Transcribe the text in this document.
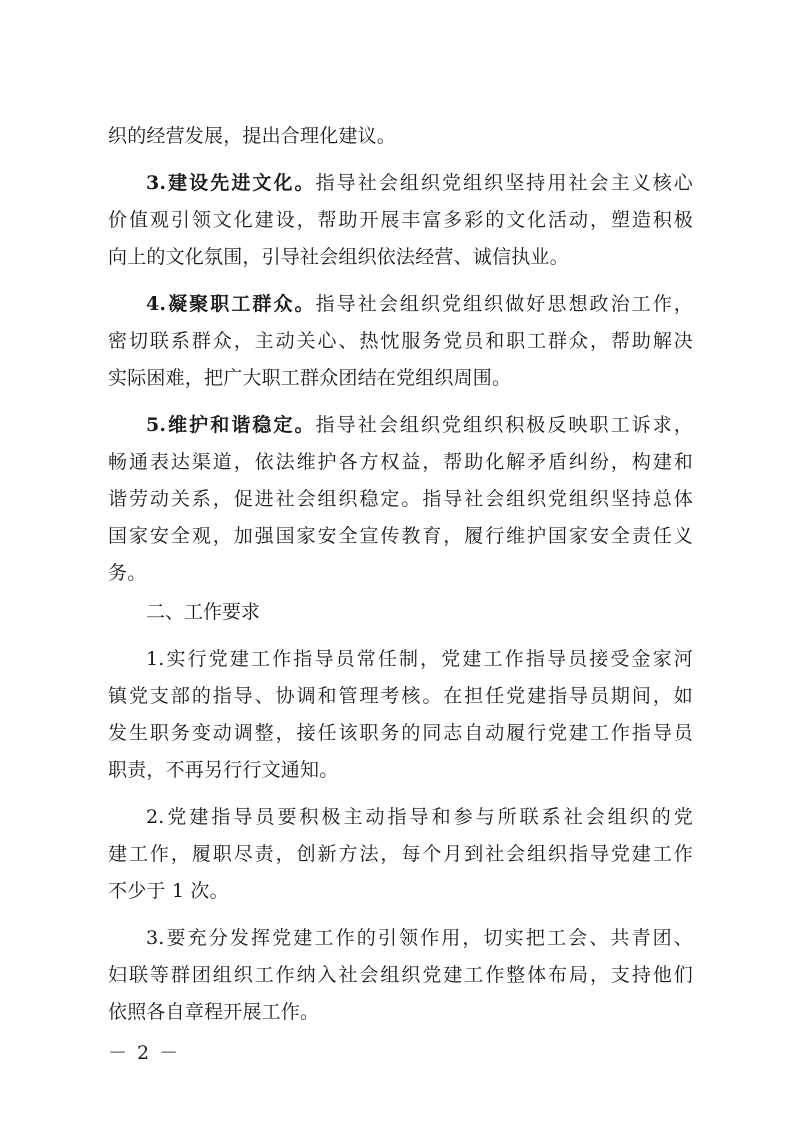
织的经营发展，提出合理化建议。
3.建设先进文化。指导社会组织党组织坚持用社会主义核心
价值观引领文化建设，帮助开展丰富多彩的文化活动，塑造积极
向上的文化氛围，引导社会组织依法经营、诚信执业。
4.凝聚职工群众。指导社会组织党组织做好思想政治工作，
密切联系群众，主动关心、热忱服务党员和职工群众，帮助解决
实际困难，把广大职工群众团结在党组织周围。
5.维护和谐稳定。指导社会组织党组织积极反映职工诉求，
畅通表达渠道，依法维护各方权益，帮助化解矛盾纠纷，构建和
谐劳动关系，促进社会组织稳定。指导社会组织党组织坚持总体
国家安全观，加强国家安全宣传教育，履行维护国家安全责任义
务。
二、工作要求
1.实行党建工作指导员常任制，党建工作指导员接受金家河
镇党支部的指导、协调和管理考核。在担任党建指导员期间，如
发生职务变动调整，接任该职务的同志自动履行党建工作指导员
职责，不再另行行文通知。
2.党建指导员要积极主动指导和参与所联系社会组织的党
建工作，履职尽责，创新方法，每个月到社会组织指导党建工作
不少于 1 次。
3.要充分发挥党建工作的引领作用，切实把工会、共青团、
妇联等群团组织工作纳入社会组织党建工作整体布局，支持他们
依照各自章程开展工作。
－ 2 －
